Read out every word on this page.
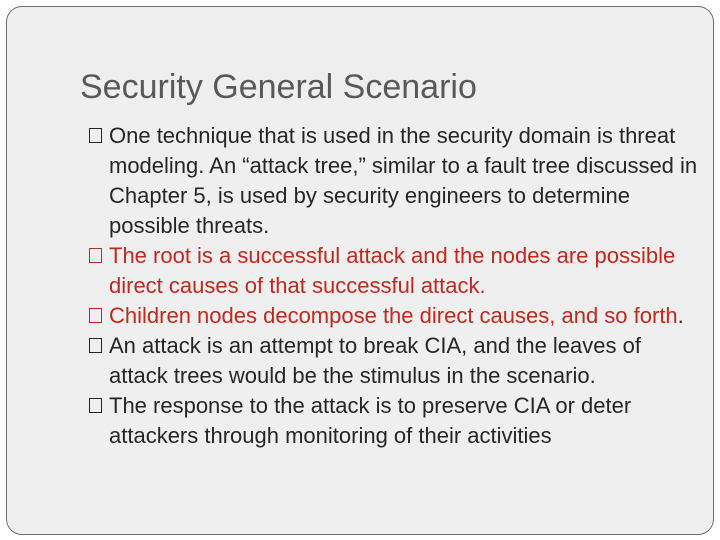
Security General Scenario
One technique that is used in the security domain is threat modeling. An “attack tree,” similar to a fault tree discussed in Chapter 5, is used by security engineers to determine possible threats.
The root is a successful attack and the nodes are possible direct causes of that successful attack.
Children nodes decompose the direct causes, and so forth.
An attack is an attempt to break CIA, and the leaves of attack trees would be the stimulus in the scenario.
The response to the attack is to preserve CIA or deter attackers through monitoring of their activities
